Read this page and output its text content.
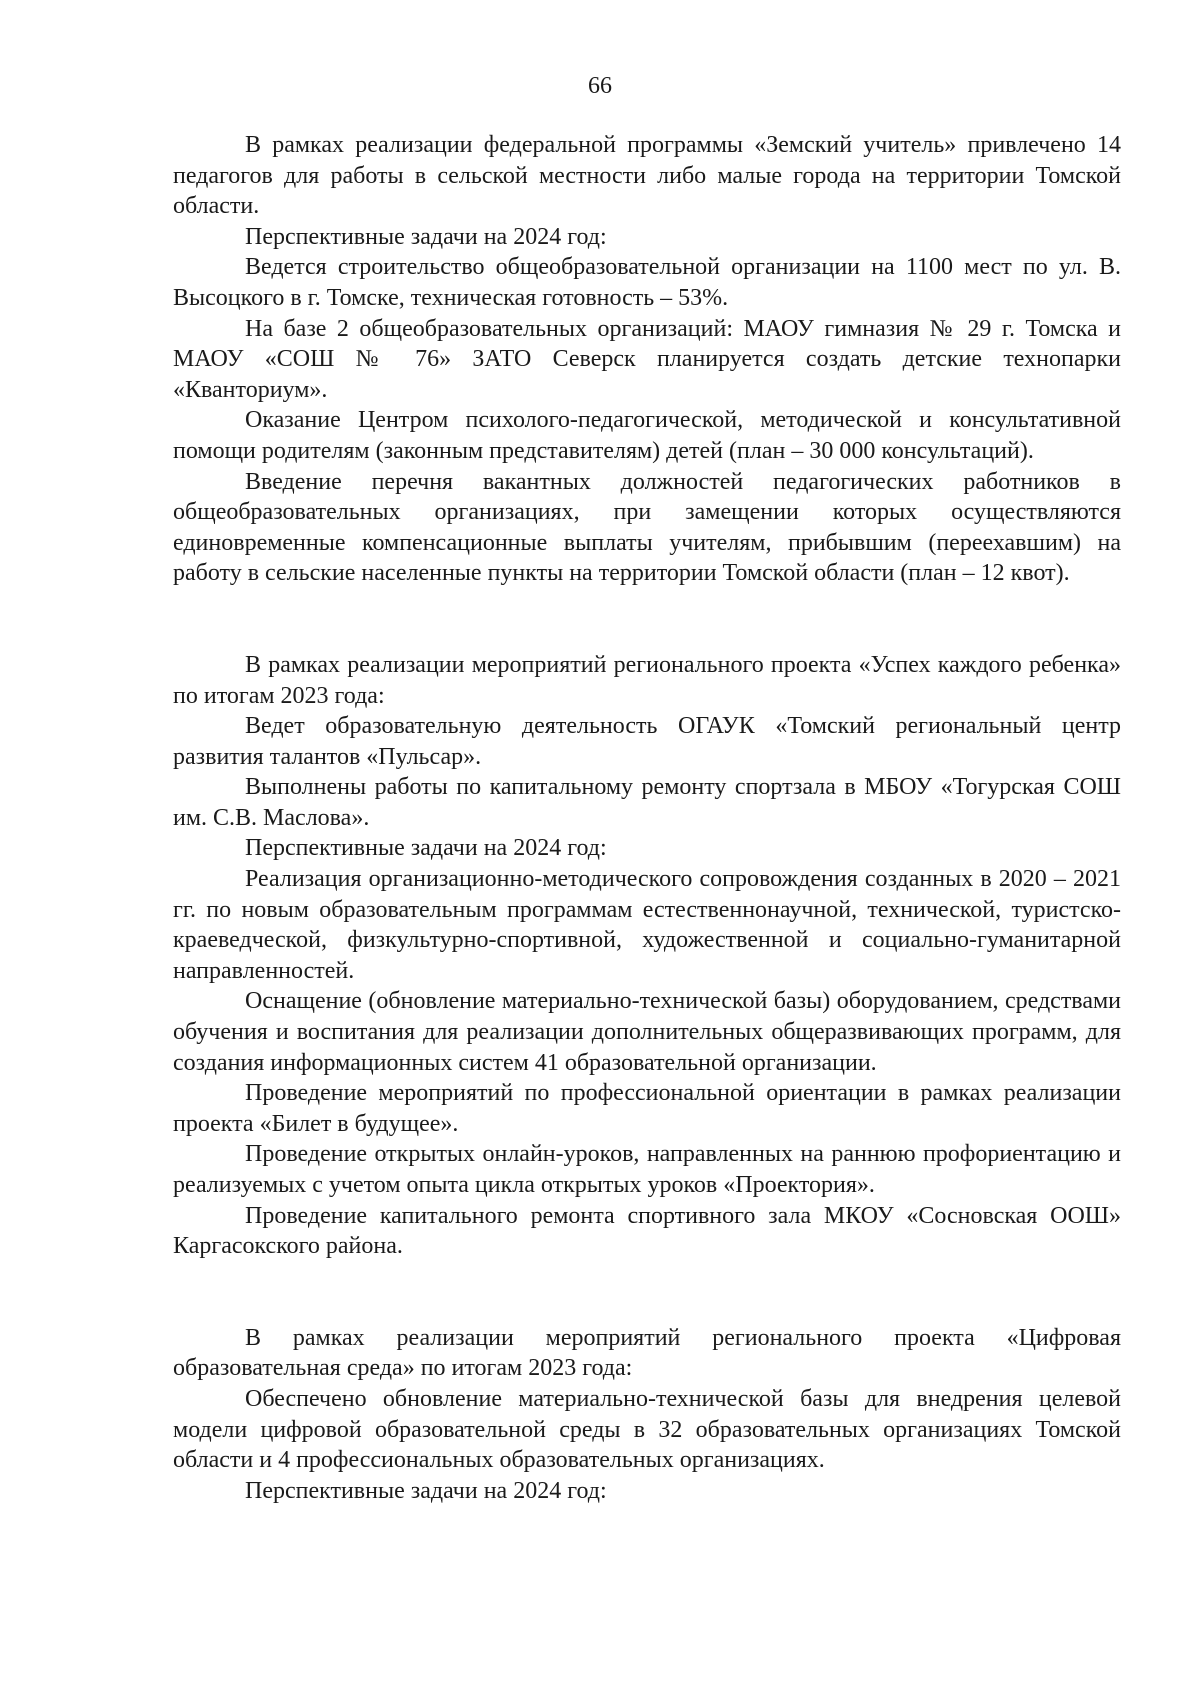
66

В рамках реализации федеральной программы «Земский учитель» привлечено 14 педагогов для работы в сельской местности либо малые города на территории Томской области.

Перспективные задачи на 2024 год:

Ведется строительство общеобразовательной организации на 1100 мест по ул. В. Высоцкого в г. Томске, техническая готовность – 53%.

На базе 2 общеобразовательных организаций: МАОУ гимназия № 29 г. Томска и МАОУ «СОШ № 76» ЗАТО Северск планируется создать детские технопарки «Кванториум».

Оказание Центром психолого-педагогической, методической и консультативной помощи родителям (законным представителям) детей (план – 30 000 консультаций).

Введение перечня вакантных должностей педагогических работников в общеобразовательных организациях, при замещении которых осуществляются единовременные компенсационные выплаты учителям, прибывшим (переехавшим) на работу в сельские населенные пункты на территории Томской области (план – 12 квот).

В рамках реализации мероприятий регионального проекта «Успех каждого ребенка» по итогам 2023 года:

Ведет образовательную деятельность ОГАУК «Томский региональный центр развития талантов «Пульсар».

Выполнены работы по капитальному ремонту спортзала в МБОУ «Тогурская СОШ им. С.В. Маслова».

Перспективные задачи на 2024 год:

Реализация организационно-методического сопровождения созданных в 2020 – 2021 гг. по новым образовательным программам естественнонаучной, технической, туристско-краеведческой, физкультурно-спортивной, художественной и социально-гуманитарной направленностей.

Оснащение (обновление материально-технической базы) оборудованием, средствами обучения и воспитания для реализации дополнительных общеразвивающих программ, для создания информационных систем 41 образовательной организации.

Проведение мероприятий по профессиональной ориентации в рамках реализации проекта «Билет в будущее».

Проведение открытых онлайн-уроков, направленных на раннюю профориентацию и реализуемых с учетом опыта цикла открытых уроков «Проектория».

Проведение капитального ремонта спортивного зала МКОУ «Сосновская ООШ» Каргасокского района.

В рамках реализации мероприятий регионального проекта «Цифровая образовательная среда» по итогам 2023 года:

Обеспечено обновление материально-технической базы для внедрения целевой модели цифровой образовательной среды в 32 образовательных организациях Томской области и 4 профессиональных образовательных организациях.

Перспективные задачи на 2024 год:
